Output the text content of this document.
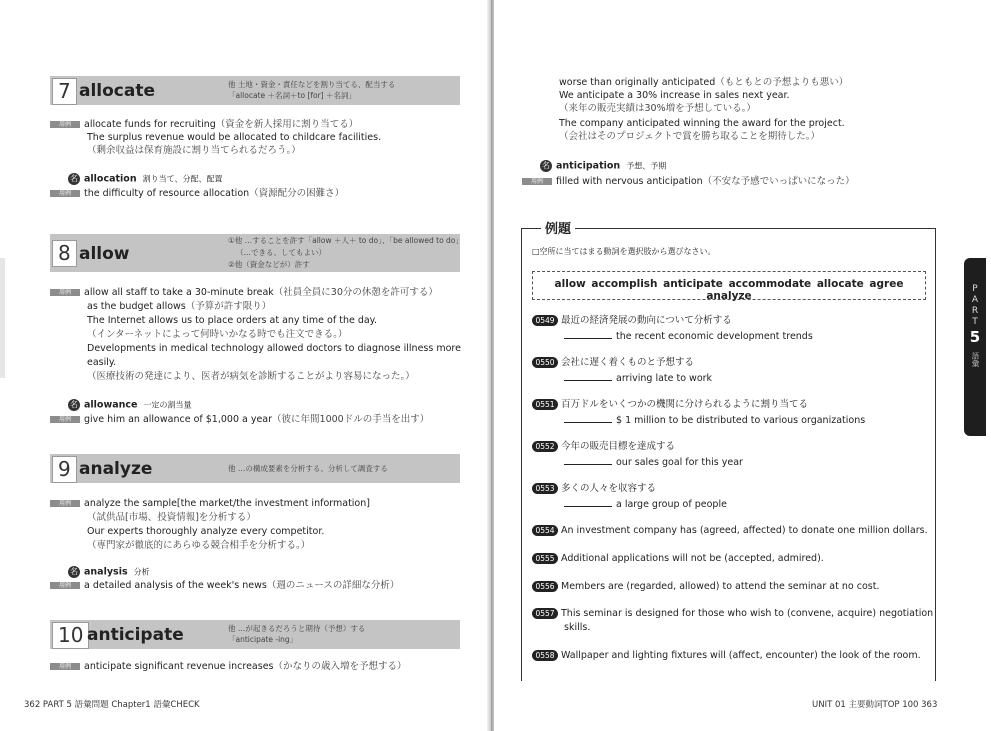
7 allocate	他 土地・資金・責任などを割り当てる、配当する
「allocate ＋名詞＋to [for] ＋名詞」
用例 allocate funds for recruiting（資金を新人採用に割り当てる）
The surplus revenue would be allocated to childcare facilities.
（剰余収益は保育施設に割り当てられるだろう。）
名 allocation 割り当て、分配、配置
用例 the difficulty of resource allocation（資源配分の困難さ）
8 allow
①他 …することを許す「allow ＋人＋ to do」、「be allowed to do」
（…できる、してもよい）
②他（資金などが）許す
用例 allow all staff to take a 30-minute break（社員全員に30分の休憩を許可する）
as the budget allows（予算が許す限り）
The Internet allows us to place orders at any time of the day.
（インターネットによって何時いかなる時でも注文できる。）
Developments in medical technology allowed doctors to diagnose illness more
easily.
（医療技術の発達により、医者が病気を診断することがより容易になった。）
名 allowance 一定の割当量
用例 give him an allowance of $1,000 a year（彼に年間1000ドルの手当を出す）
9 analyze	他 …の構成要素を分析する、分析して調査する
用例 analyze the sample[the market/the investment information]
（試供品[市場、投資情報]を分析する）
Our experts thoroughly analyze every competitor.
（専門家が徹底的にあらゆる競合相手を分析する。）
名 analysis 分析
用例 a detailed analysis of the week's news（週のニュースの詳細な分析）
10 anticipate	他 …が起きるだろうと期待（予想）する
「anticipate -ing」
用例 anticipate significant revenue increases（かなりの歳入増を予想する）
362 PART 5 語彙問題 Chapter1 語彙CHECK
worse than originally anticipated（もともとの予想よりも悪い）
We anticipate a 30% increase in sales next year.
（来年の販売実績は30%増を予想している。）
The company anticipated winning the award for the project.
（会社はそのプロジェクトで賞を勝ち取ることを期待した。）
名 anticipation 予想、予期
用例 filled with nervous anticipation（不安な予感でいっぱいになった）
例題
□空所に当てはまる動詞を選択肢から選びなさい。
allow accomplish anticipate accommodate allocate agree analyze
0549 最近の経済発展の動向について分析する
the recent economic development trends
0550 会社に遅く着くものと予想する
arriving late to work
0551 百万ドルをいくつかの機関に分けられるように割り当てる
$ 1 million to be distributed to various organizations
0552 今年の販売目標を達成する
our sales goal for this year
0553 多くの人々を収容する
a large group of people
0554 An investment company has (agreed, affected) to donate one million dollars.
0555 Additional applications will not be (accepted, admired).
0556 Members are (regarded, allowed) to attend the seminar at no cost.
0557 This seminar is designed for those who wish to (convene, acquire) negotiation
skills.
0558 Wallpaper and lighting fixtures will (affect, encounter) the look of the room.
P
A
R
T
5
語彙
UNIT 01 主要動詞TOP 100 363
